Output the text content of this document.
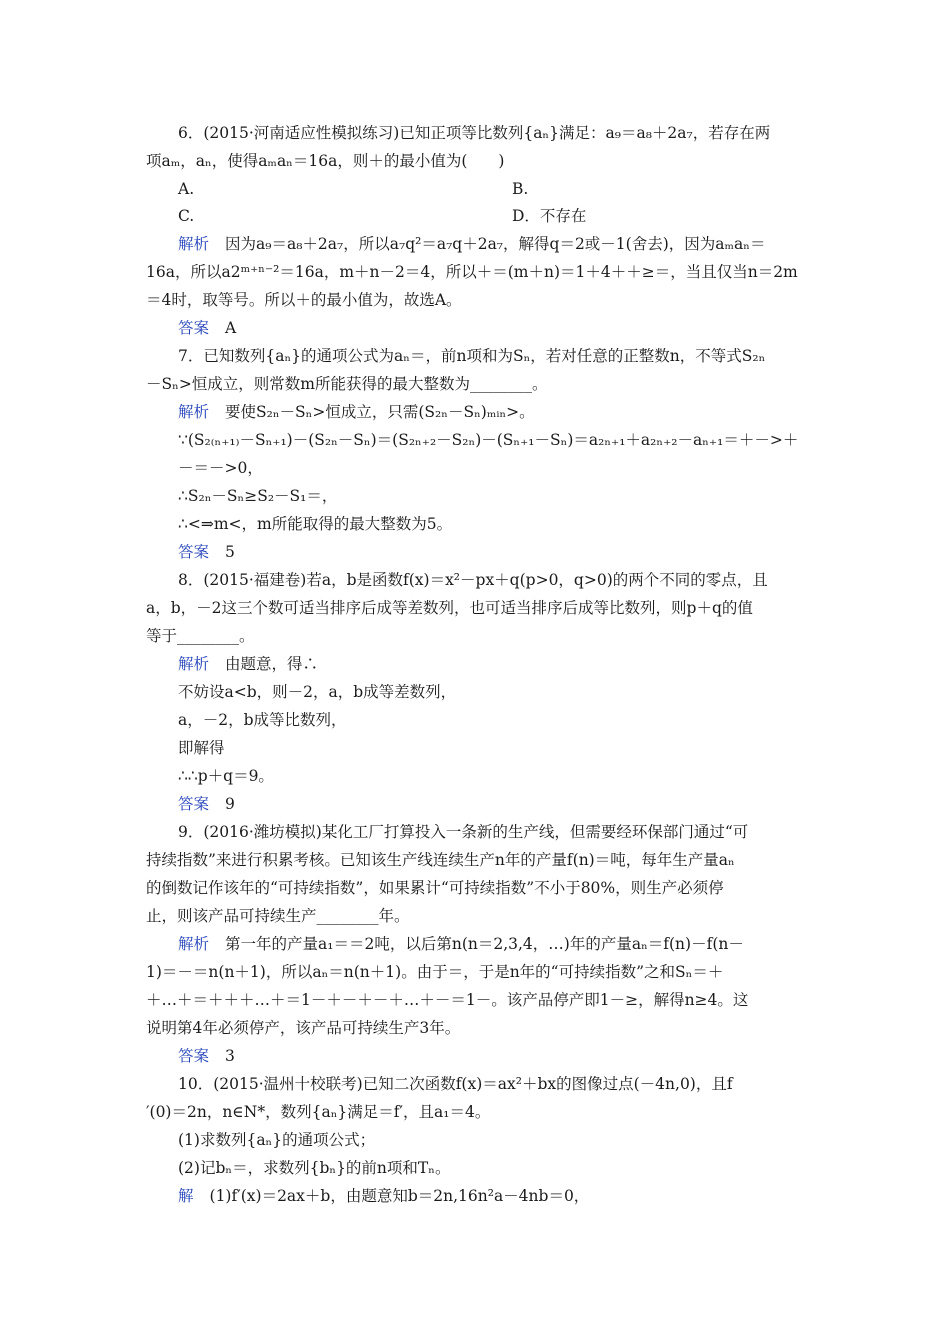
6．(2015·河南适应性模拟练习)已知正项等比数列{aₙ}满足：a₉＝a₈＋2a₇，若存在两
项aₘ，aₙ，使得aₘaₙ＝16a，则＋的最小值为(　　)
A.	B.
C.	D．不存在
解析 因为a₉＝a₈＋2a₇，所以a₇q²＝a₇q＋2a₇，解得q＝2或－1(舍去)，因为aₘaₙ＝
16a，所以a2ᵐ⁺ⁿ⁻²＝16a，m＋n－2＝4，所以＋＝(m＋n)＝1＋4＋＋≥＝，当且仅当n＝2m
＝4时，取等号。所以＋的最小值为，故选A。
答案 A
7．已知数列{aₙ}的通项公式为aₙ＝，前n项和为Sₙ，若对任意的正整数n，不等式S₂ₙ
－Sₙ>恒成立，则常数m所能获得的最大整数为________。
解析 要使S₂ₙ－Sₙ>恒成立，只需(S₂ₙ－Sₙ)ₘᵢₙ>。
∵(S₂₍ₙ₊₁₎－Sₙ₊₁)－(S₂ₙ－Sₙ)＝(S₂ₙ₊₂－S₂ₙ)－(Sₙ₊₁－Sₙ)＝a₂ₙ₊₁＋a₂ₙ₊₂－aₙ₊₁＝＋－>＋
－＝－>0，
∴S₂ₙ－Sₙ≥S₂－S₁＝，
∴<⇒m<，m所能取得的最大整数为5。
答案 5
8．(2015·福建卷)若a，b是函数f(x)＝x²－px＋q(p>0，q>0)的两个不同的零点，且
a，b，－2这三个数可适当排序后成等差数列，也可适当排序后成等比数列，则p＋q的值
等于________。
解析 由题意，得∴
不妨设a<b，则－2，a，b成等差数列，
a，－2，b成等比数列，
即解得
∴∴p＋q＝9。
答案 9
9．(2016·潍坊模拟)某化工厂打算投入一条新的生产线，但需要经环保部门通过“可
持续指数”来进行积累考核。已知该生产线连续生产n年的产量f(n)＝吨，每年生产量aₙ
的倒数记作该年的“可持续指数”，如果累计“可持续指数”不小于80%，则生产必须停
止，则该产品可持续生产________年。
解析 第一年的产量a₁＝＝2吨，以后第n(n＝2,3,4，…)年的产量aₙ＝f(n)－f(n－
1)＝－＝n(n＋1)，所以aₙ＝n(n＋1)。由于＝，于是n年的“可持续指数”之和Sₙ＝＋
＋…＋＝＋＋＋…＋＝1－＋－＋－＋…＋－＝1－。该产品停产即1－≥，解得n≥4。这
说明第4年必须停产，该产品可持续生产3年。
答案 3
10．(2015·温州十校联考)已知二次函数f(x)＝ax²＋bx的图像过点(－4n,0)，且f
′(0)＝2n，n∈N*，数列{aₙ}满足＝f′，且a₁＝4。
(1)求数列{aₙ}的通项公式；
(2)记bₙ＝，求数列{bₙ}的前n项和Tₙ。
解 (1)f′(x)＝2ax＋b，由题意知b＝2n,16n²a－4nb＝0，
